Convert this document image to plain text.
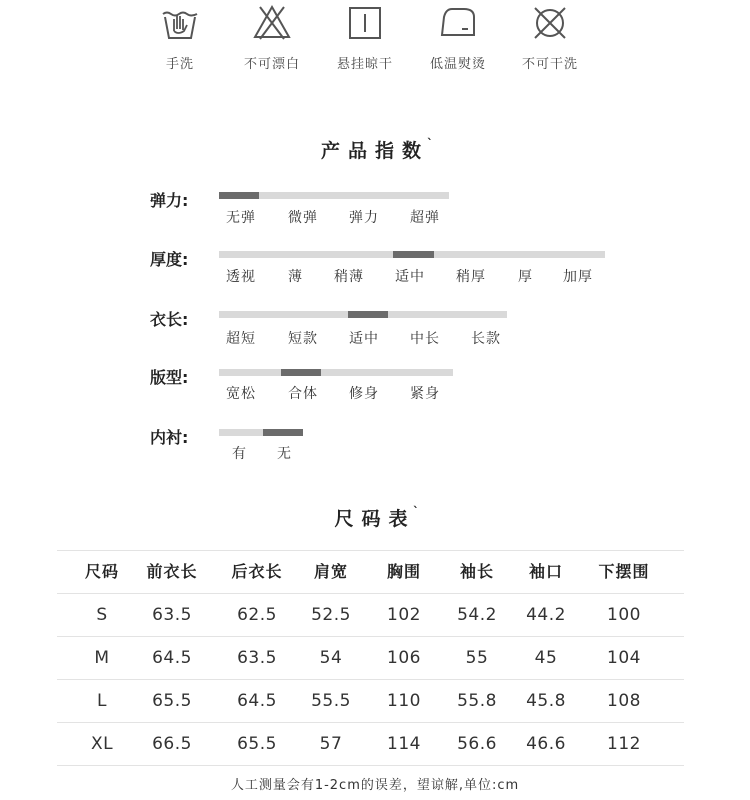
手洗	不可漂白	悬挂晾干	低温熨烫	不可干洗
产品指数
ˎ
弹力:
无弹 微弹 弹力 超弹
厚度:
透视 薄 稍薄 适中 稍厚 厚 加厚
衣长:
超短 短款 适中 中长 长款
版型:
宽松 合体 修身 紧身
内衬:
有 无
尺码表
ˎ
尺码	前衣长	后衣长	肩宽	胸围	袖长	袖口	下摆围
S	63.5	62.5	52.5	102	54.2	44.2	100
M	64.5	63.5	54	106	55	45	104
L	65.5	64.5	55.5	110	55.8	45.8	108
XL	66.5	65.5	57	114	56.6	46.6	112
人工测量会有1-2cm的误差，望谅解,单位:cm
